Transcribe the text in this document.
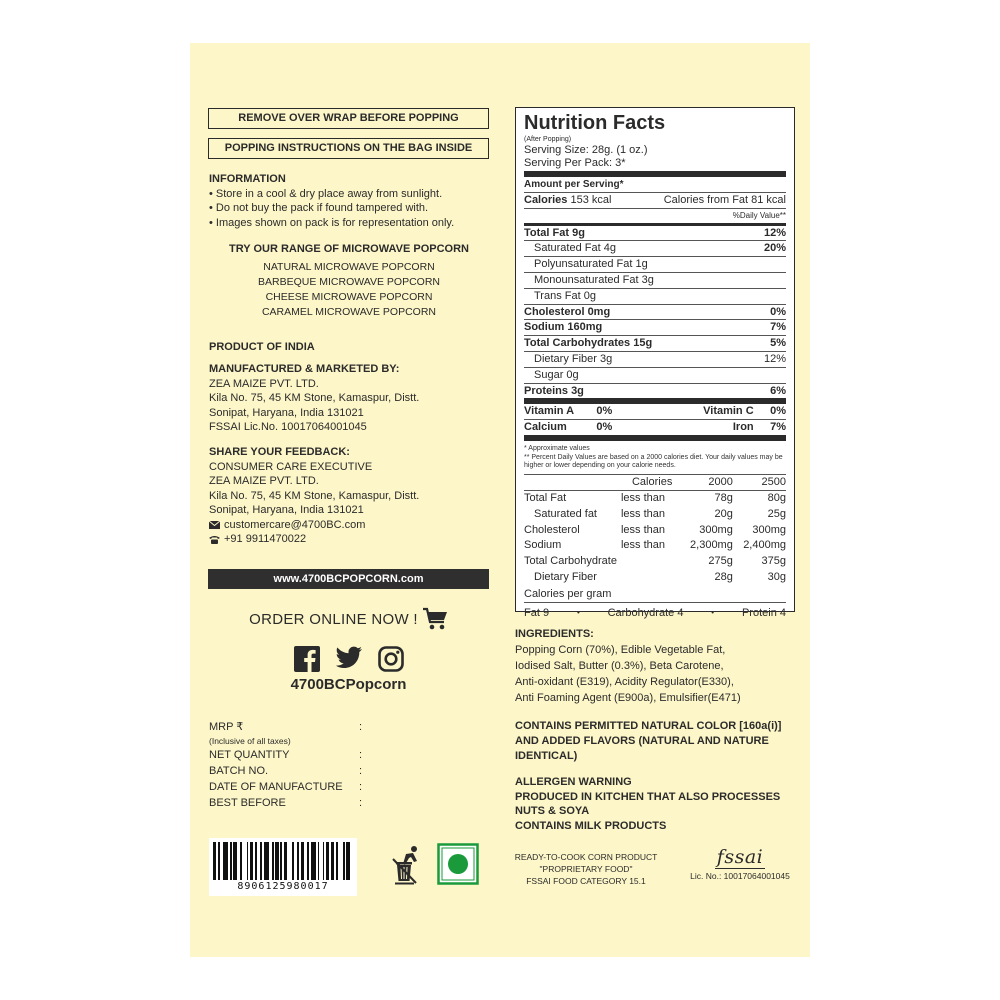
REMOVE OVER WRAP BEFORE POPPING
POPPING INSTRUCTIONS ON THE BAG INSIDE
INFORMATION
• Store in a cool & dry place away from sunlight.
• Do not buy the pack if found tampered with.
• Images shown on pack is for representation only.
TRY OUR RANGE OF MICROWAVE POPCORN
NATURAL MICROWAVE POPCORN
BARBEQUE MICROWAVE POPCORN
CHEESE MICROWAVE POPCORN
CARAMEL MICROWAVE POPCORN
PRODUCT OF INDIA
MANUFACTURED & MARKETED BY:
ZEA MAIZE PVT. LTD.
Kila No. 75, 45 KM Stone, Kamaspur, Distt.
Sonipat, Haryana, India 131021
FSSAI Lic.No. 10017064001045
SHARE YOUR FEEDBACK:
CONSUMER CARE EXECUTIVE
ZEA MAIZE PVT. LTD.
Kila No. 75, 45 KM Stone, Kamaspur, Distt.
Sonipat, Haryana, India 131021
customercare@4700BC.com
+91 9911470022
www.4700BCPOPCORN.com
ORDER ONLINE NOW !
4700BCPopcorn
MRP ₹	:
(Inclusive of all taxes)
NET QUANTITY	:
BATCH NO.	:
DATE OF MANUFACTURE :
BEST BEFORE	:
8906125980017
Nutrition Facts
(After Popping)
Serving Size: 28g. (1 oz.)
Serving Per Pack: 3*
Amount per Serving*
Calories 153 kcal	Calories from Fat 81 kcal
%Daily Value**
Total Fat 9g	12%
Saturated Fat 4g	20%
Polyunsaturated Fat 1g
Monounsaturated Fat 3g
Trans Fat 0g
Cholesterol 0mg	0%
Sodium 160mg	7%
Total Carbohydrates 15g	5%
Dietary Fiber 3g	12%
Sugar 0g
Proteins 3g	6%
Vitamin A	0%	Vitamin C	0%
Calcium	0%	Iron	7%
* Approximate values
** Percent Daily Values are based on a 2000 calories diet. Your daily values may be higher or lower depending on your calorie needs.
	Calories	2000	2500
Total Fat	less than	78g	80g
Saturated fat	less than	20g	25g
Cholesterol	less than	300mg	300mg
Sodium	less than	2,300mg	2,400mg
Total Carbohydrate		275g	375g
Dietary Fiber		28g	30g
Calories per gram
Fat 9	•	Carbohydrate 4	•	Protein 4
INGREDIENTS:
Popping Corn (70%), Edible Vegetable Fat,
Iodised Salt, Butter (0.3%), Beta Carotene,
Anti-oxidant (E319), Acidity Regulator(E330),
Anti Foaming Agent (E900a), Emulsifier(E471)
CONTAINS PERMITTED NATURAL COLOR [160a(i)]
AND ADDED FLAVORS (NATURAL AND NATURE
IDENTICAL)
ALLERGEN WARNING
PRODUCED IN KITCHEN THAT ALSO PROCESSES
NUTS & SOYA
CONTAINS MILK PRODUCTS
READY-TO-COOK CORN PRODUCT
"PROPRIETARY FOOD"
FSSAI FOOD CATEGORY 15.1
fssai
Lic. No.: 10017064001045
